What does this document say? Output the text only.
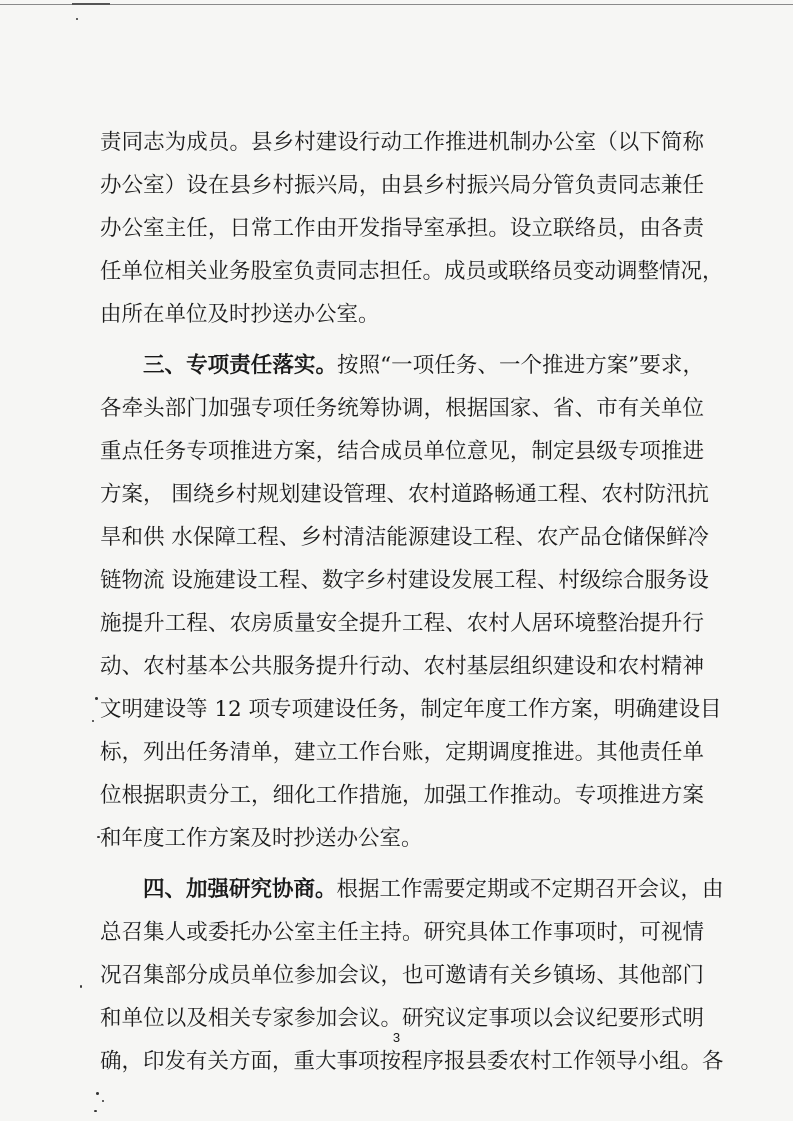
责同志为成员。县乡村建设行动工作推进机制办公室（以下简称
办公室）设在县乡村振兴局，由县乡村振兴局分管负责同志兼任
办公室主任，日常工作由开发指导室承担。设立联络员，由各责
任单位相关业务股室负责同志担任。成员或联络员变动调整情况，
由所在单位及时抄送办公室。
三、专项责任落实。按照“一项任务、一个推进方案”要求，
各牵头部门加强专项任务统筹协调，根据国家、省、市有关单位
重点任务专项推进方案，结合成员单位意见，制定县级专项推进
方案， 围绕乡村规划建设管理、农村道路畅通工程、农村防汛抗
旱和供 水保障工程、乡村清洁能源建设工程、农产品仓储保鲜冷
链物流 设施建设工程、数字乡村建设发展工程、村级综合服务设
施提升工程、农房质量安全提升工程、农村人居环境整治提升行
动、农村基本公共服务提升行动、农村基层组织建设和农村精神
文明建设等 12 项专项建设任务，制定年度工作方案，明确建设目
标，列出任务清单，建立工作台账，定期调度推进。其他责任单
位根据职责分工，细化工作措施，加强工作推动。专项推进方案
和年度工作方案及时抄送办公室。
四、加强研究协商。根据工作需要定期或不定期召开会议，由
总召集人或委托办公室主任主持。研究具体工作事项时，可视情
况召集部分成员单位参加会议，也可邀请有关乡镇场、其他部门
和单位以及相关专家参加会议。研究议定事项以会议纪要形式明
确，印发有关方面，重大事项按程序报县委农村工作领导小组。各
3
